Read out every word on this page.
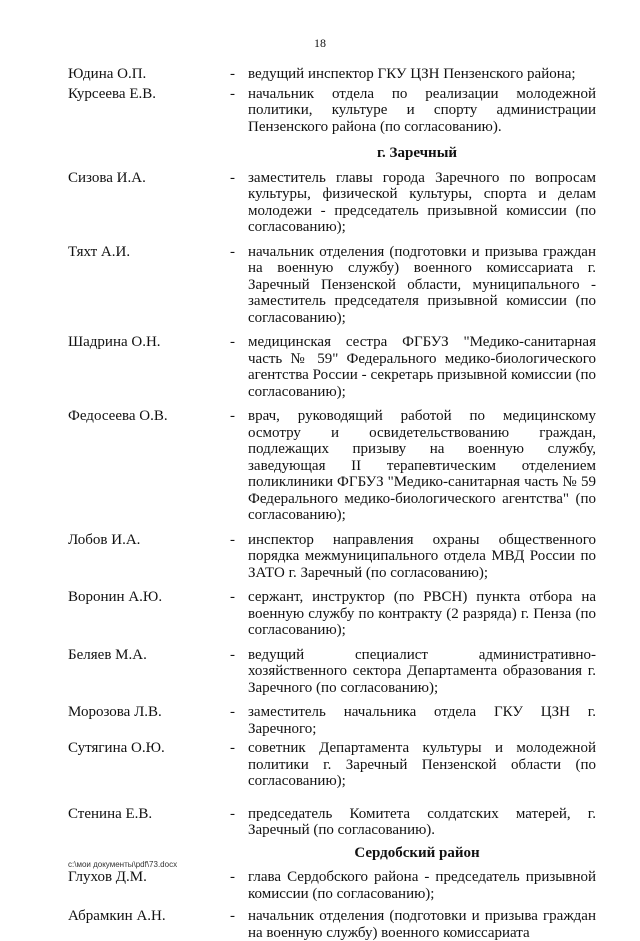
18
Юдина О.П.	- ведущий инспектор ГКУ ЦЗН Пензенского района;
Курсеева Е.В.	- начальник отдела по реализации молодежной политики, культуре и спорту администрации Пензенского района (по согласованию).
г. Заречный
Сизова И.А.	- заместитель главы города Заречного по вопросам культуры, физической культуры, спорта и делам молодежи - председатель призывной комиссии (по согласованию);
Тяхт А.И.	- начальник отделения (подготовки и призыва граждан на военную службу) военного комиссариата г. Заречный Пензенской области, муниципального - заместитель председателя призывной комиссии (по согласованию);
Шадрина О.Н.	- медицинская сестра ФГБУЗ "Медико-санитарная часть № 59" Федерального медико-биологического агентства России - секретарь призывной комиссии (по согласованию);
Федосеева О.В.	- врач, руководящий работой по медицинскому осмотру и освидетельствованию граждан, подлежащих призыву на военную службу, заведующая II терапевтическим отделением поликлиники ФГБУЗ "Медико-санитарная часть № 59 Федерального медико-биологического агентства" (по согласованию);
Лобов И.А.	- инспектор направления охраны общественного порядка межмуниципального отдела МВД России по ЗАТО г. Заречный (по согласованию);
Воронин А.Ю.	- сержант, инструктор (по РВСН) пункта отбора на военную службу по контракту (2 разряда) г. Пенза (по согласованию);
Беляев М.А.	- ведущий специалист административно-хозяйственного сектора Департамента образования г. Заречного (по согласованию);
Морозова Л.В.	- заместитель начальника отдела ГКУ ЦЗН г. Заречного;
Сутягина О.Ю.	- советник Департамента культуры и молодежной политики г. Заречный Пензенской области (по согласованию);
Стенина Е.В.	- председатель Комитета солдатских матерей, г. Заречный (по согласованию).
Сердобский район
Глухов Д.М.	- глава Сердобского района - председатель призывной комиссии (по согласованию);
Абрамкин А.Н.	- начальник отделения (подготовки и призыва граждан на военную службу) военного комиссариата
c:\мои документы\pdf\73.docx
